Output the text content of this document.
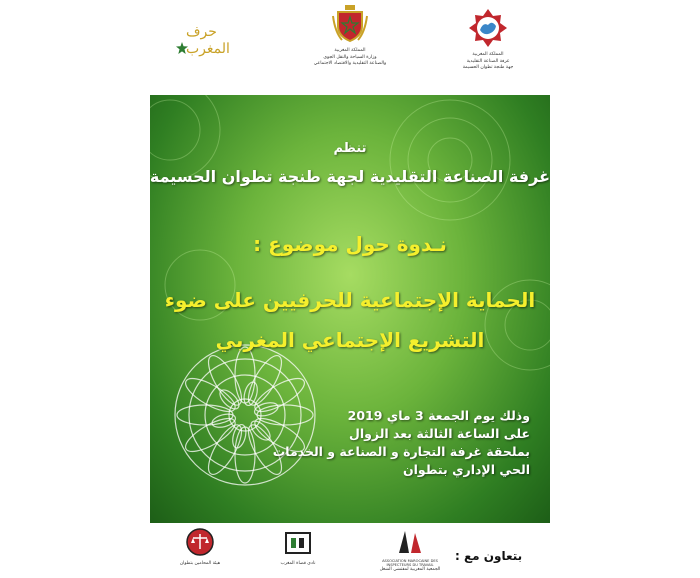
المملكة المغربية
غرفة الصناعة التقليدية
جهة طنجة تطوان الحسيمة
المملكة المغربية
وزارة السياحة والنقل الجوي
والصناعة التقليدية والاقتصاد الاجتماعي
حرف
المغرب
تنظم
غرفة الصناعة التقليدية لجهة طنجة تطوان الحسيمة
نـدوة حول موضوع :
الحماية الإجتماعية للحرفيين على ضوء
التشريع الإجتماعي المغربي
وذلك يوم الجمعة 3 ماي 2019
على الساعة الثالثة بعد الزوال
بملحقة غرفة التجارة و الصناعة و الخدمات
الحي الإداري بتطوان
بتعاون مع :
ASSOCIATION MAROCAINE DES INSPECTEURS DU TRAVAIL
الجمعية المغربية لمفتشي الشغل
نادي قضاة المغرب
هيئة المحامين بتطوان
